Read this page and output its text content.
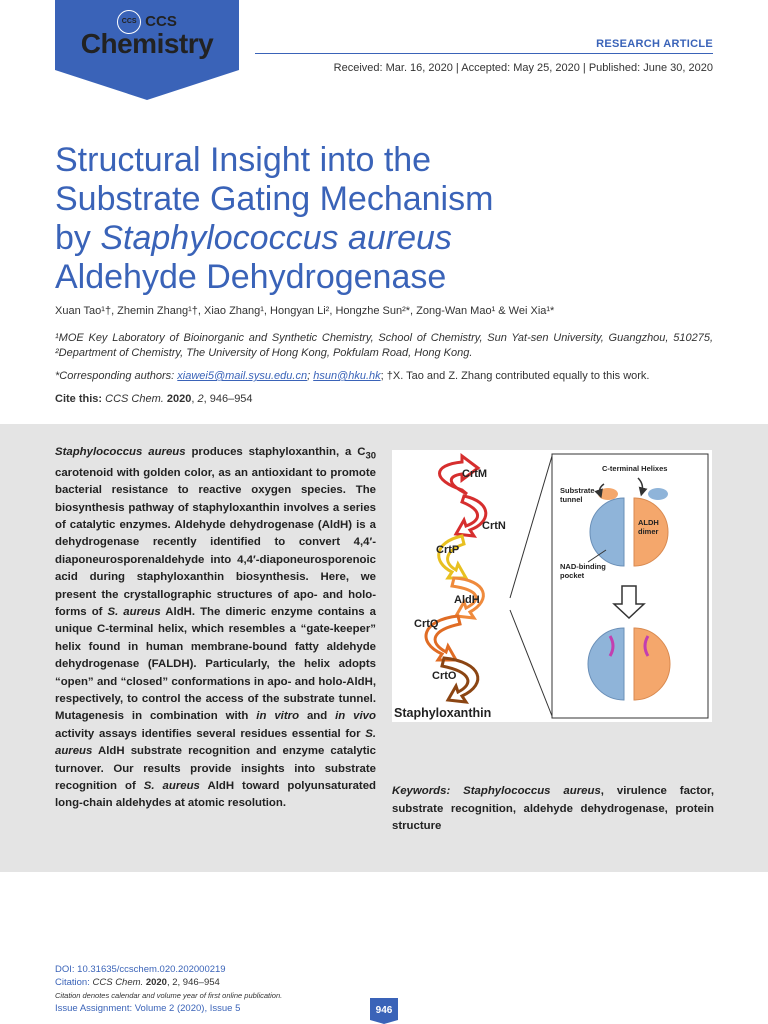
CCS CCS
Chemistry	RESEARCH ARTICLE
Received: Mar. 16, 2020 | Accepted: May 25, 2020 | Published: June 30, 2020
Structural Insight into the
Substrate Gating Mechanism
by Staphylococcus aureus
Aldehyde Dehydrogenase
Xuan Tao¹†, Zhemin Zhang¹†, Xiao Zhang¹, Hongyan Li², Hongzhe Sun²*, Zong-Wan Mao¹ & Wei Xia¹*
¹MOE Key Laboratory of Bioinorganic and Synthetic Chemistry, School of Chemistry, Sun Yat-sen University, Guangzhou, 510275, ²Department of Chemistry, The University of Hong Kong, Pokfulam Road, Hong Kong.
*Corresponding authors: xiawei5@mail.sysu.edu.cn; hsun@hku.hk; †X. Tao and Z. Zhang contributed equally to this work.
Cite this: CCS Chem. 2020, 2, 946–954
Staphylococcus aureus produces staphyloxanthin, a $C_{30}$ carotenoid with golden color, as an antioxidant to promote bacterial resistance to reactive oxygen species. The biosynthesis pathway of staphyloxanthin involves a series of catalytic enzymes. Aldehyde dehydrogenase (AldH) is a dehydrogenase recently identified to convert 4,4′-diaponeurosporenaldehyde into 4,4′-diaponeurosporenoic acid during staphyloxanthin biosynthesis. Here, we present the crystallographic structures of apo- and holo-forms of S. aureus AldH. The dimeric enzyme contains a unique C-terminal helix, which resembles a “gate-keeper” helix found in human membrane-bound fatty aldehyde dehydrogenase (FALDH). Particularly, the helix adopts “open” and “closed” conformations in apo- and holo-AldH, respectively, to control the access of the substrate tunnel. Mutagenesis in combination with in vitro and in vivo activity assays identifies several residues essential for S. aureus AldH substrate recognition and enzyme catalytic turnover. Our results provide insights into substrate recognition of S. aureus AldH toward polyunsaturated long-chain aldehydes at atomic resolution.
CrtM
CrtN
CrtP
AldH
CrtQ
CrtO
Staphyloxanthin
C-terminal Helixes
Substrate
tunnel
ALDH
dimer
NAD-binding
pocket
Keywords: Staphylococcus aureus, virulence factor, substrate recognition, aldehyde dehydrogenase, protein structure
DOI: 10.31635/ccschem.020.202000219
Citation: CCS Chem. 2020, 2, 946–954
Citation denotes calendar and volume year of first online publication.
Issue Assignment: Volume 2 (2020), Issue 5	946
